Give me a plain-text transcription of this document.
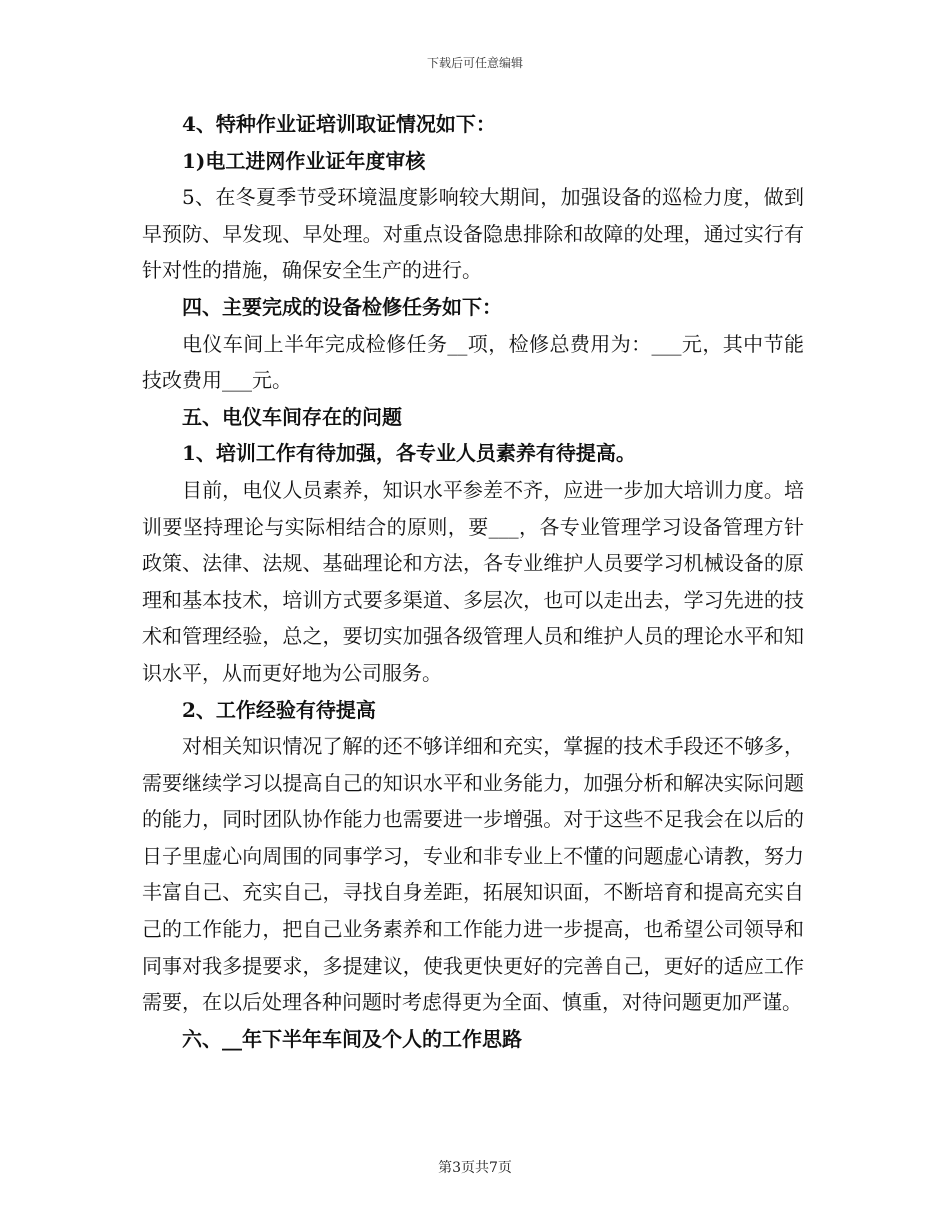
下载后可任意编辑

4、特种作业证培训取证情况如下：

1)电工进网作业证年度审核

5、在冬夏季节受环境温度影响较大期间，加强设备的巡检力度，做到早预防、早发现、早处理。对重点设备隐患排除和故障的处理，通过实行有针对性的措施，确保安全生产的进行。

四、主要完成的设备检修任务如下：

电仪车间上半年完成检修任务__项，检修总费用为：___元，其中节能技改费用___元。

五、电仪车间存在的问题

1、培训工作有待加强，各专业人员素养有待提高。

目前，电仪人员素养，知识水平参差不齐，应进一步加大培训力度。培训要坚持理论与实际相结合的原则，要___，各专业管理学习设备管理方针政策、法律、法规、基础理论和方法，各专业维护人员要学习机械设备的原理和基本技术，培训方式要多渠道、多层次，也可以走出去，学习先进的技术和管理经验，总之，要切实加强各级管理人员和维护人员的理论水平和知识水平，从而更好地为公司服务。

2、工作经验有待提高

对相关知识情况了解的还不够详细和充实，掌握的技术手段还不够多，需要继续学习以提高自己的知识水平和业务能力，加强分析和解决实际问题的能力，同时团队协作能力也需要进一步增强。对于这些不足我会在以后的日子里虚心向周围的同事学习，专业和非专业上不懂的问题虚心请教，努力丰富自己、充实自己，寻找自身差距，拓展知识面，不断培育和提高充实自己的工作能力，把自己业务素养和工作能力进一步提高，也希望公司领导和同事对我多提要求，多提建议，使我更快更好的完善自己，更好的适应工作需要，在以后处理各种问题时考虑得更为全面、慎重，对待问题更加严谨。

六、__年下半年车间及个人的工作思路

第3页共7页
